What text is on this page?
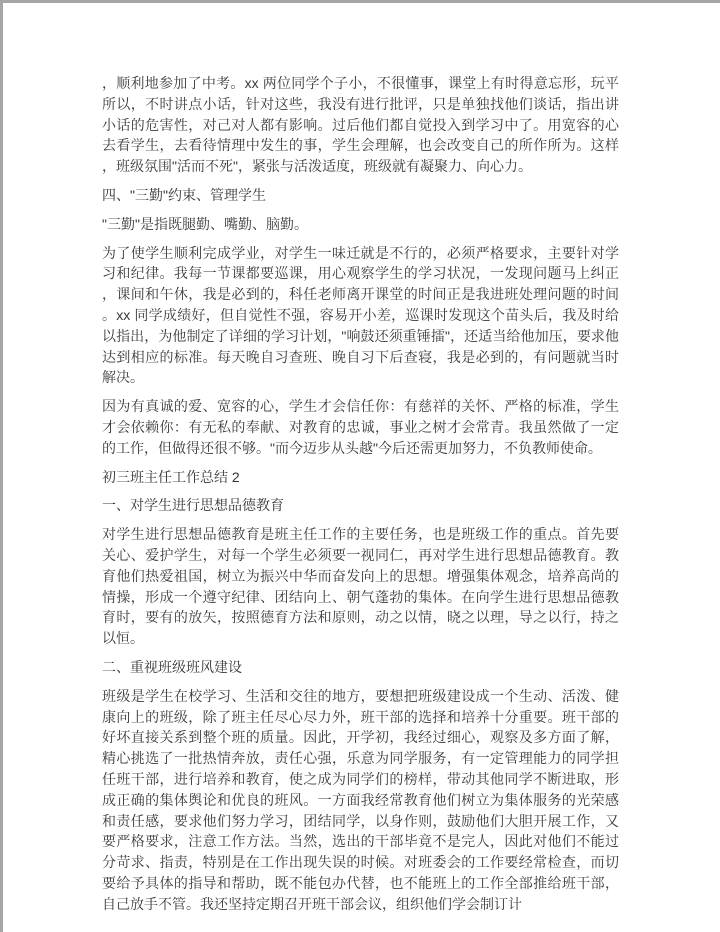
，顺利地参加了中考。xx 两位同学个子小，不很懂事，课堂上有时得意忘形，玩平所以，不时讲点小话，针对这些，我没有进行批评，只是单独找他们谈话，指出讲小话的危害性，对己对人都有影响。过后他们都自觉投入到学习中了。用宽容的心去看学生，去看待情理中发生的事，学生会理解，也会改变自己的所作所为。这样，班级氛围"活而不死"，紧张与活泼适度，班级就有凝聚力、向心力。

四、"三勤"约束、管理学生

"三勤"是指既腿勤、嘴勤、脑勤。

为了使学生顺利完成学业，对学生一味迁就是不行的，必须严格要求，主要针对学习和纪律。我每一节课都要巡课，用心观察学生的学习状况，一发现问题马上纠正，课间和午休，我是必到的，科任老师离开课堂的时间正是我进班处理问题的时间。xx 同学成绩好，但自觉性不强，容易开小差，巡课时发现这个苗头后，我及时给以指出，为他制定了详细的学习计划，"响鼓还须重锤擂"，还适当给他加压，要求他达到相应的标准。每天晚自习查班、晚自习下后查寝，我是必到的，有问题就当时解决。

因为有真诚的爱、宽容的心，学生才会信任你：有慈祥的关怀、严格的标准，学生才会依赖你：有无私的奉献、对教育的忠诚，事业之树才会常青。我虽然做了一定的工作，但做得还很不够。"而今迈步从头越"今后还需更加努力，不负教师使命。

初三班主任工作总结 2

一、对学生进行思想品德教育

对学生进行思想品德教育是班主任工作的主要任务，也是班级工作的重点。首先要关心、爱护学生，对每一个学生必须要一视同仁，再对学生进行思想品德教育。教育他们热爱祖国，树立为振兴中华而奋发向上的思想。增强集体观念，培养高尚的情操，形成一个遵守纪律、团结向上、朝气蓬勃的集体。在向学生进行思想品德教育时，要有的放矢，按照德育方法和原则，动之以情，晓之以理，导之以行，持之以恒。

二、重视班级班风建设

班级是学生在校学习、生活和交往的地方，要想把班级建设成一个生动、活泼、健康向上的班级，除了班主任尽心尽力外，班干部的选择和培养十分重要。班干部的好坏直接关系到整个班的质量。因此，开学初，我经过细心，观察及多方面了解，精心挑选了一批热情奔放，责任心强，乐意为同学服务，有一定管理能力的同学担任班干部，进行培养和教育，使之成为同学们的榜样，带动其他同学不断进取，形成正确的集体舆论和优良的班风。一方面我经常教育他们树立为集体服务的光荣感和责任感，要求他们努力学习，团结同学，以身作则，鼓励他们大胆开展工作，又要严格要求，注意工作方法。当然，选出的干部毕竟不是完人，因此对他们不能过分苛求、指责，特别是在工作出现失误的时候。对班委会的工作要经常检查，而切要给予具体的指导和帮助，既不能包办代替，也不能班上的工作全部推给班干部，自己放手不管。我还坚持定期召开班干部会议，组织他们学会制订计
